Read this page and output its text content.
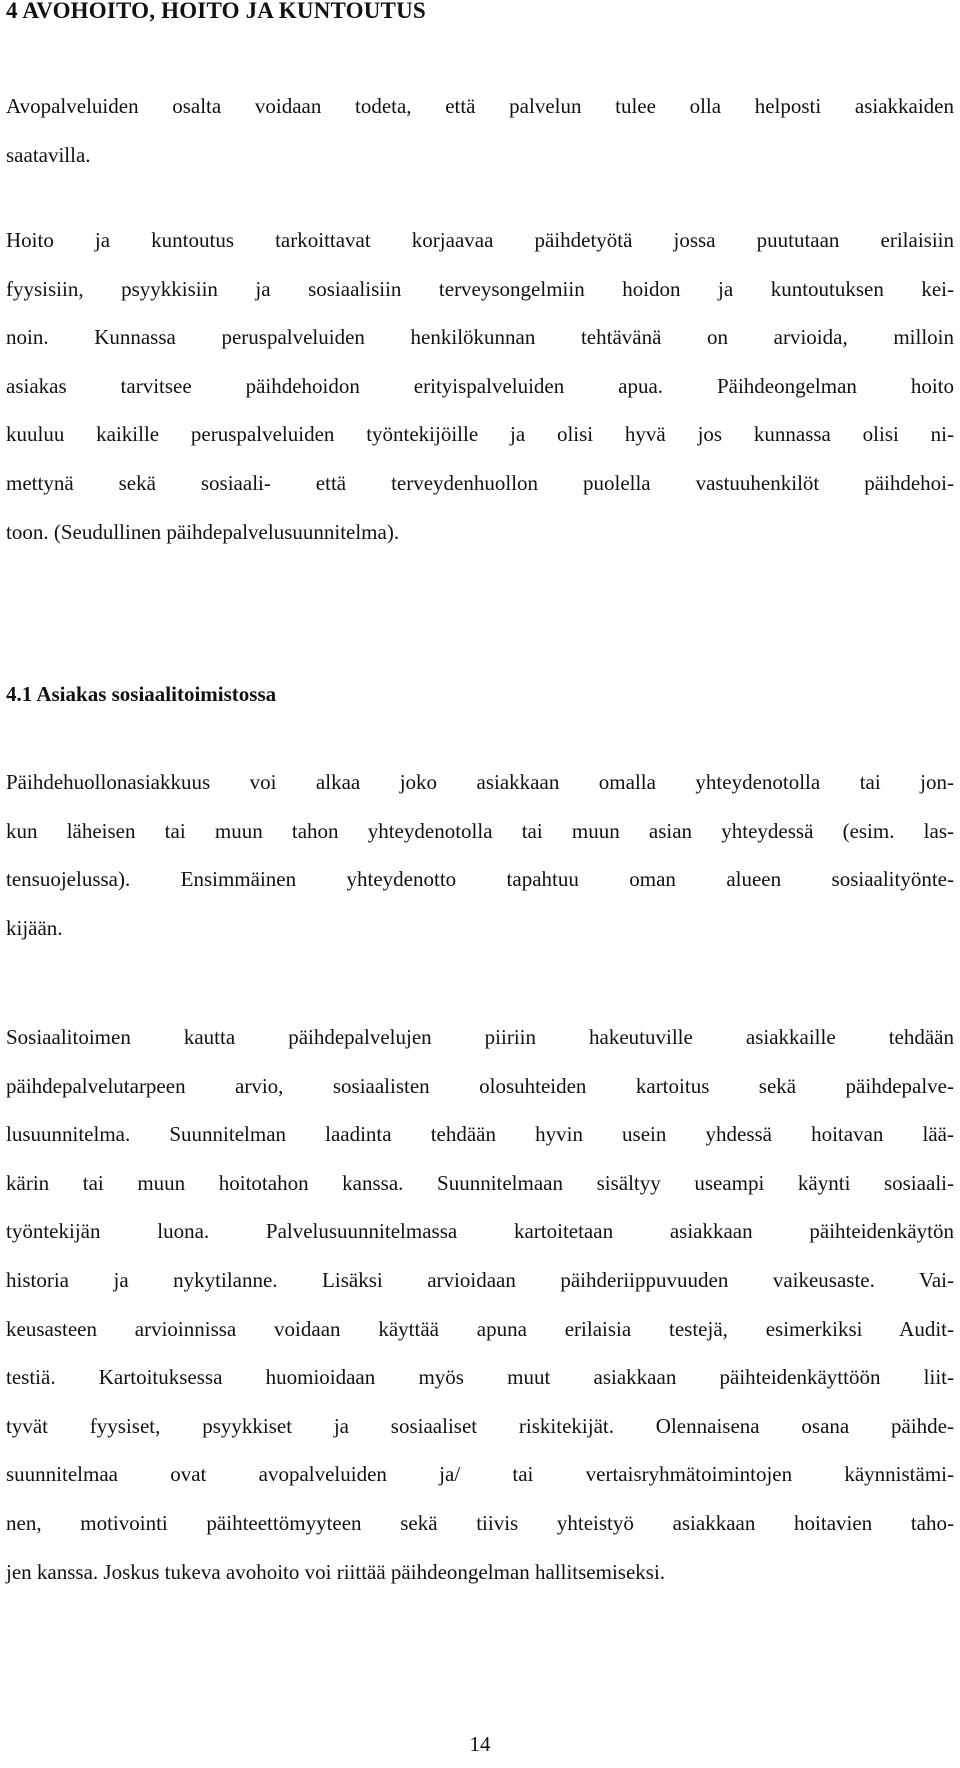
4 AVOHOITO, HOITO JA KUNTOUTUS
Avopalveluiden osalta voidaan todeta, että palvelun tulee olla helposti asiakkaiden
saatavilla.
Hoito ja kuntoutus tarkoittavat korjaavaa päihdetyötä jossa puututaan erilaisiin
fyysisiin, psyykkisiin ja sosiaalisiin terveysongelmiin hoidon ja kuntoutuksen kei-
noin. Kunnassa peruspalveluiden henkilökunnan tehtävänä on arvioida, milloin
asiakas tarvitsee päihdehoidon erityispalveluiden apua. Päihdeongelman hoito
kuuluu kaikille peruspalveluiden työntekijöille ja olisi hyvä jos kunnassa olisi ni-
mettynä sekä sosiaali- että terveydenhuollon puolella vastuuhenkilöt päihdehoi-
toon. (Seudullinen päihdepalvelusuunnitelma).
4.1 Asiakas sosiaalitoimistossa
Päihdehuollonasiakkuus voi alkaa joko asiakkaan omalla yhteydenotolla tai jon-
kun läheisen tai muun tahon yhteydenotolla tai muun asian yhteydessä (esim. las-
tensuojelussa). Ensimmäinen yhteydenotto tapahtuu oman alueen sosiaalityönte-
kijään.
Sosiaalitoimen kautta päihdepalvelujen piiriin hakeutuville asiakkaille tehdään
päihdepalvelutarpeen arvio, sosiaalisten olosuhteiden kartoitus sekä päihdepalve-
lusuunnitelma. Suunnitelman laadinta tehdään hyvin usein yhdessä hoitavan lää-
kärin tai muun hoitotahon kanssa. Suunnitelmaan sisältyy useampi käynti sosiaali-
työntekijän luona. Palvelusuunnitelmassa kartoitetaan asiakkaan päihteidenkäytön
historia ja nykytilanne. Lisäksi arvioidaan päihderiippuvuuden vaikeusaste. Vai-
keusasteen arvioinnissa voidaan käyttää apuna erilaisia testejä, esimerkiksi Audit-
testiä. Kartoituksessa huomioidaan myös muut asiakkaan päihteidenkäyttöön liit-
tyvät fyysiset, psyykkiset ja sosiaaliset riskitekijät. Olennaisena osana päihde-
suunnitelmaa ovat avopalveluiden ja/ tai vertaisryhmätoimintojen käynnistämi-
nen, motivointi päihteettömyyteen sekä tiivis yhteistyö asiakkaan hoitavien taho-
jen kanssa. Joskus tukeva avohoito voi riittää päihdeongelman hallitsemiseksi.
14
